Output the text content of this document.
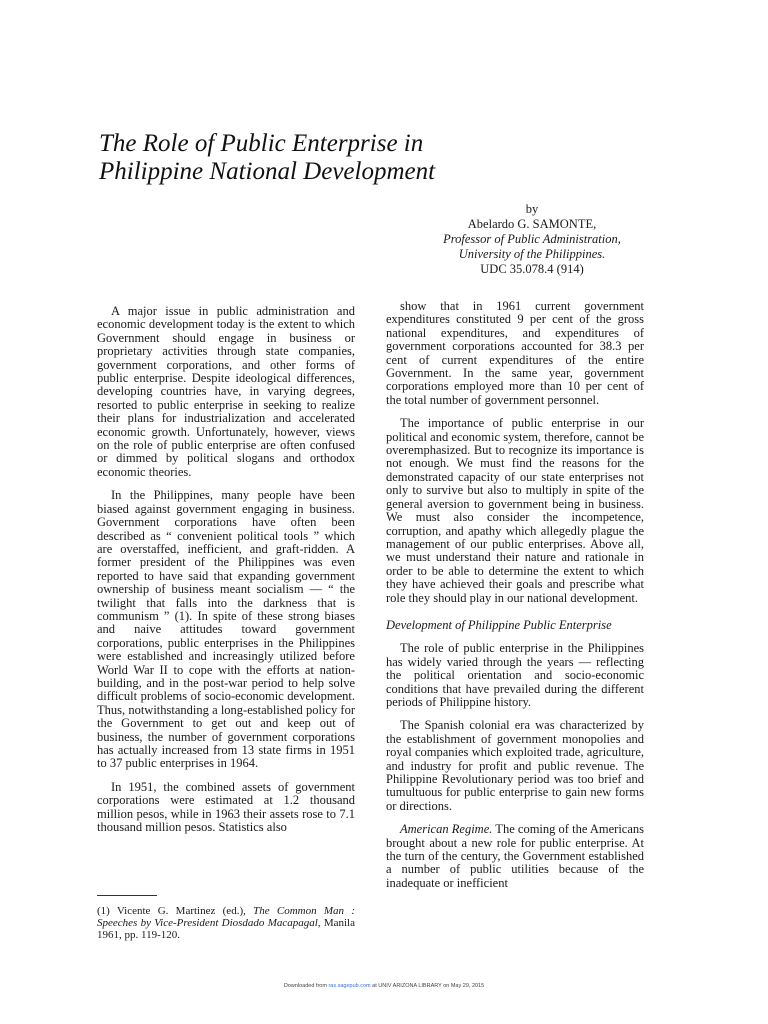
The Role of Public Enterprise in
Philippine National Development
by
Abelardo G. SAMONTE,
Professor of Public Administration,
University of the Philippines.
UDC 35.078.4 (914)

A major issue in public administration and economic development today is the extent to which Government should engage in business or proprietary activities through state companies, government corporations, and other forms of public enterprise. Despite ideological differences, developing countries have, in varying degrees, resorted to public enterprise in seeking to realize their plans for industrialization and accelerated economic growth. Unfortunately, however, views on the role of public enterprise are often confused or dimmed by political slogans and orthodox economic theories.

In the Philippines, many people have been biased against government engaging in business. Government corporations have often been described as “ convenient political tools ” which are overstaffed, inefficient, and graft-ridden. A former president of the Philippines was even reported to have said that expanding government ownership of business meant socialism — “ the twilight that falls into the darkness that is communism ” (1). In spite of these strong biases and naive attitudes toward government corporations, public enterprises in the Philippines were established and increasingly utilized before World War II to cope with the efforts at nation-building, and in the post-war period to help solve difficult problems of socio-economic development. Thus, notwithstanding a long-established policy for the Government to get out and keep out of business, the number of government corporations has actually increased from 13 state firms in 1951 to 37 public enterprises in 1964.

In 1951, the combined assets of government corporations were estimated at 1.2 thousand million pesos, while in 1963 their assets rose to 7.1 thousand million pesos. Statistics also

show that in 1961 current government expenditures constituted 9 per cent of the gross national expenditures, and expenditures of government corporations accounted for 38.3 per cent of current expenditures of the entire Government. In the same year, government corporations employed more than 10 per cent of the total number of government personnel.

The importance of public enterprise in our political and economic system, therefore, cannot be overemphasized. But to recognize its importance is not enough. We must find the reasons for the demonstrated capacity of our state enterprises not only to survive but also to multiply in spite of the general aversion to government being in business. We must also consider the incompetence, corruption, and apathy which allegedly plague the management of our public enterprises. Above all, we must understand their nature and rationale in order to be able to determine the extent to which they have achieved their goals and prescribe what role they should play in our national development.

Development of Philippine Public Enterprise

The role of public enterprise in the Philippines has widely varied through the years — reflecting the political orientation and socio-economic conditions that have prevailed during the different periods of Philippine history.

The Spanish colonial era was characterized by the establishment of government monopolies and royal companies which exploited trade, agriculture, and industry for profit and public revenue. The Philippine Revolutionary period was too brief and tumultuous for public enterprise to gain new forms or directions.

American Regime. The coming of the Americans brought about a new role for public enterprise. At the turn of the century, the Government established a number of public utilities because of the inadequate or inefficient

(1) Vicente G. Martinez (ed.), The Common Man : Speeches by Vice-President Diosdado Macapagal, Manila 1961, pp. 119-120.
Downloaded from ras.sagepub.com at UNIV ARIZONA LIBRARY on May 29, 2015
